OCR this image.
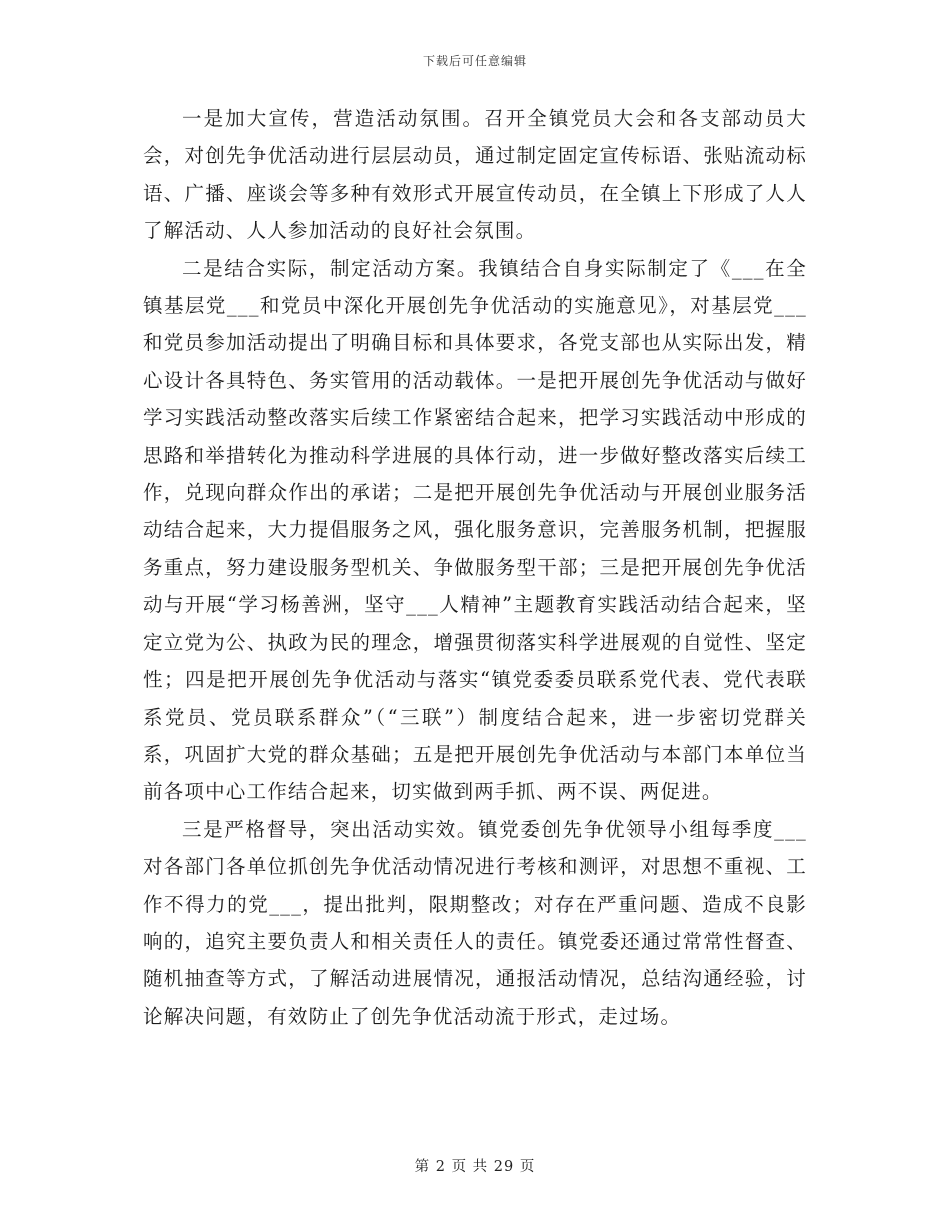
下载后可任意编辑

一是加大宣传，营造活动氛围。召开全镇党员大会和各支部动员大会，对创先争优活动进行层层动员，通过制定固定宣传标语、张贴流动标语、广播、座谈会等多种有效形式开展宣传动员，在全镇上下形成了人人了解活动、人人参加活动的良好社会氛围。

二是结合实际，制定活动方案。我镇结合自身实际制定了《___在全镇基层党___和党员中深化开展创先争优活动的实施意见》，对基层党___和党员参加活动提出了明确目标和具体要求，各党支部也从实际出发，精心设计各具特色、务实管用的活动载体。一是把开展创先争优活动与做好学习实践活动整改落实后续工作紧密结合起来，把学习实践活动中形成的思路和举措转化为推动科学进展的具体行动，进一步做好整改落实后续工作，兑现向群众作出的承诺；二是把开展创先争优活动与开展创业服务活动结合起来，大力提倡服务之风，强化服务意识，完善服务机制，把握服务重点，努力建设服务型机关、争做服务型干部；三是把开展创先争优活动与开展“学习杨善洲，坚守___人精神”主题教育实践活动结合起来，坚定立党为公、执政为民的理念，增强贯彻落实科学进展观的自觉性、坚定性；四是把开展创先争优活动与落实“镇党委委员联系党代表、党代表联系党员、党员联系群众”（“三联”）制度结合起来，进一步密切党群关系，巩固扩大党的群众基础；五是把开展创先争优活动与本部门本单位当前各项中心工作结合起来，切实做到两手抓、两不误、两促进。

三是严格督导，突出活动实效。镇党委创先争优领导小组每季度___对各部门各单位抓创先争优活动情况进行考核和测评，对思想不重视、工作不得力的党___，提出批判，限期整改；对存在严重问题、造成不良影响的，追究主要负责人和相关责任人的责任。镇党委还通过常常性督查、随机抽查等方式，了解活动进展情况，通报活动情况，总结沟通经验，讨论解决问题，有效防止了创先争优活动流于形式，走过场。

第 2 页 共 29 页
